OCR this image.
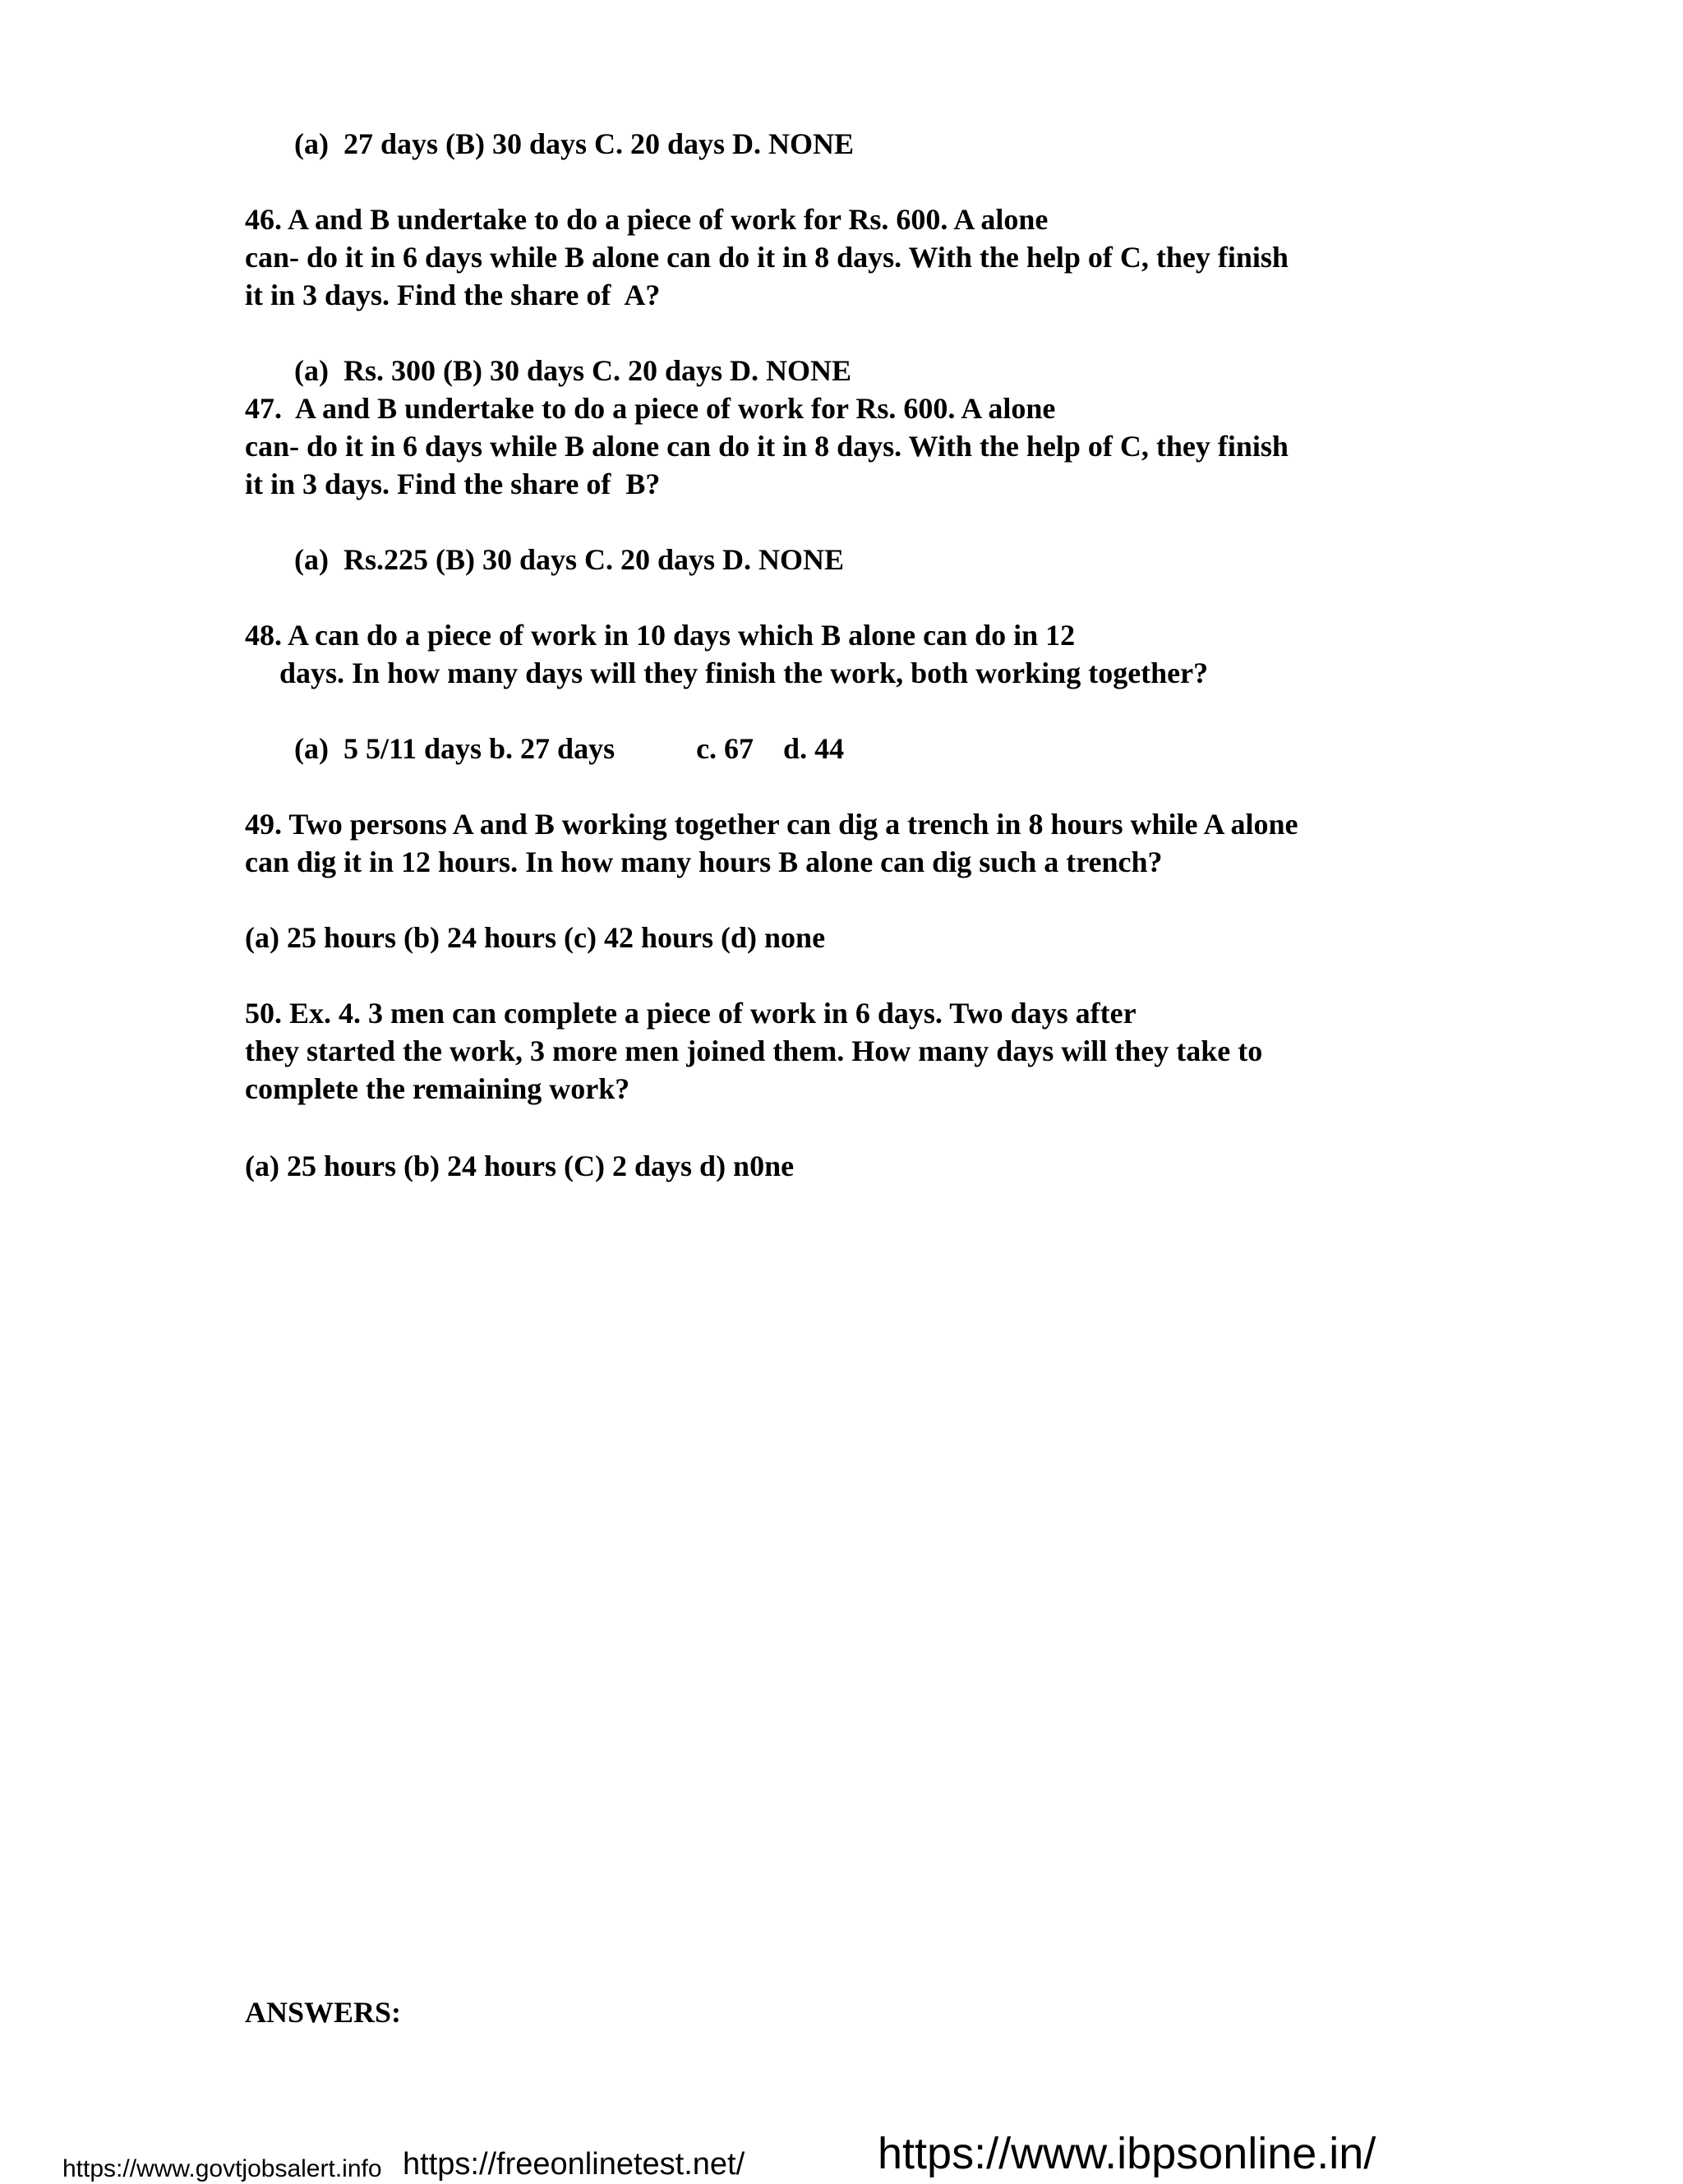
(a)  27 days (B) 30 days C. 20 days D. NONE
46. A and B undertake to do a piece of work for Rs. 600. A alone
can- do it in 6 days while B alone can do it in 8 days. With the help of C, they finish
it in 3 days. Find the share of  A?
(a)  Rs. 300 (B) 30 days C. 20 days D. NONE
47.  A and B undertake to do a piece of work for Rs. 600. A alone
can- do it in 6 days while B alone can do it in 8 days. With the help of C, they finish
it in 3 days. Find the share of  B?
(a)  Rs.225 (B) 30 days C. 20 days D. NONE
48. A can do a piece of work in 10 days which B alone can do in 12
days. In how many days will they finish the work, both working together?
(a)  5 5/11 days b. 27 days           c. 67    d. 44
49. Two persons A and B working together can dig a trench in 8 hours while A alone
can dig it in 12 hours. In how many hours B alone can dig such a trench?
(a) 25 hours (b) 24 hours (c) 42 hours (d) none
50. Ex. 4. 3 men can complete a piece of work in 6 days. Two days after
they started the work, 3 more men joined them. How many days will they take to
complete the remaining work?
(a) 25 hours (b) 24 hours (C) 2 days d) n0ne
ANSWERS:
https://www.govtjobsalert.info https://freeonlinetest.net/	https://www.ibpsonline.in/
